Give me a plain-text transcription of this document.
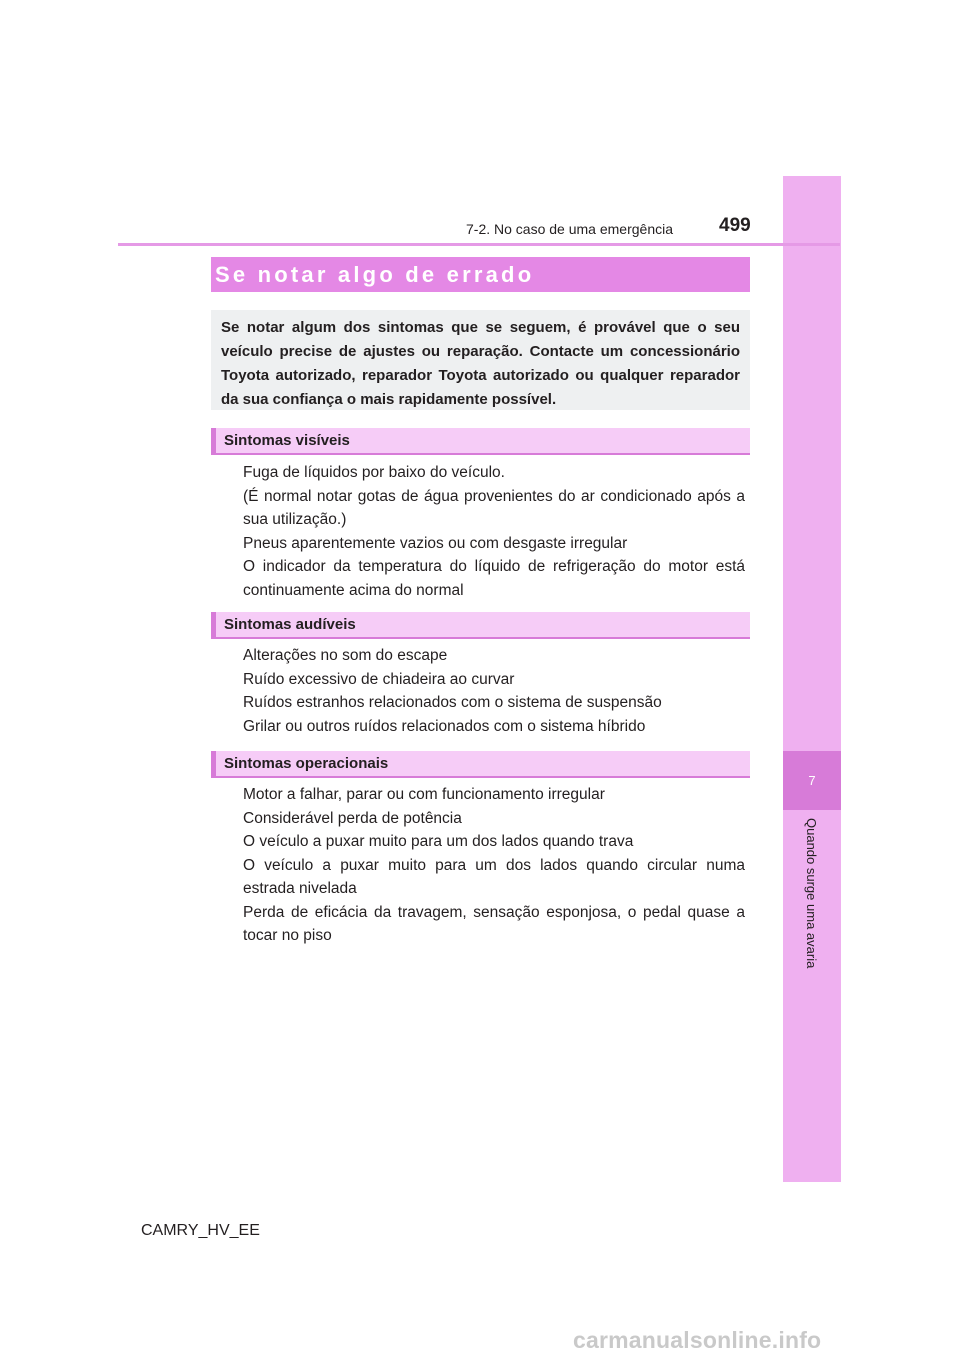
7
Quando surge uma avaria
7-2. No caso de uma emergência 499
Se notar algo de errado
Se notar algum dos sintomas que se seguem, é provável que o seu veículo precise de ajustes ou reparação. Contacte um concessionário Toyota autorizado, reparador Toyota autorizado ou qualquer reparador da sua confiança o mais rapidamente possível.
Sintomas visíveis
Fuga de líquidos por baixo do veículo.
(É normal notar gotas de água provenientes do ar condicionado após a sua utilização.)
Pneus aparentemente vazios ou com desgaste irregular
O indicador da temperatura do líquido de refrigeração do motor está continuamente acima do normal
Sintomas audíveis
Alterações no som do escape
Ruído excessivo de chiadeira ao curvar
Ruídos estranhos relacionados com o sistema de suspensão
Grilar ou outros ruídos relacionados com o sistema híbrido
Sintomas operacionais
Motor a falhar, parar ou com funcionamento irregular
Considerável perda de potência
O veículo a puxar muito para um dos lados quando trava
O veículo a puxar muito para um dos lados quando circular numa estrada nivelada
Perda de eficácia da travagem, sensação esponjosa, o pedal quase a tocar no piso
CAMRY_HV_EE
carmanualsonline.info
